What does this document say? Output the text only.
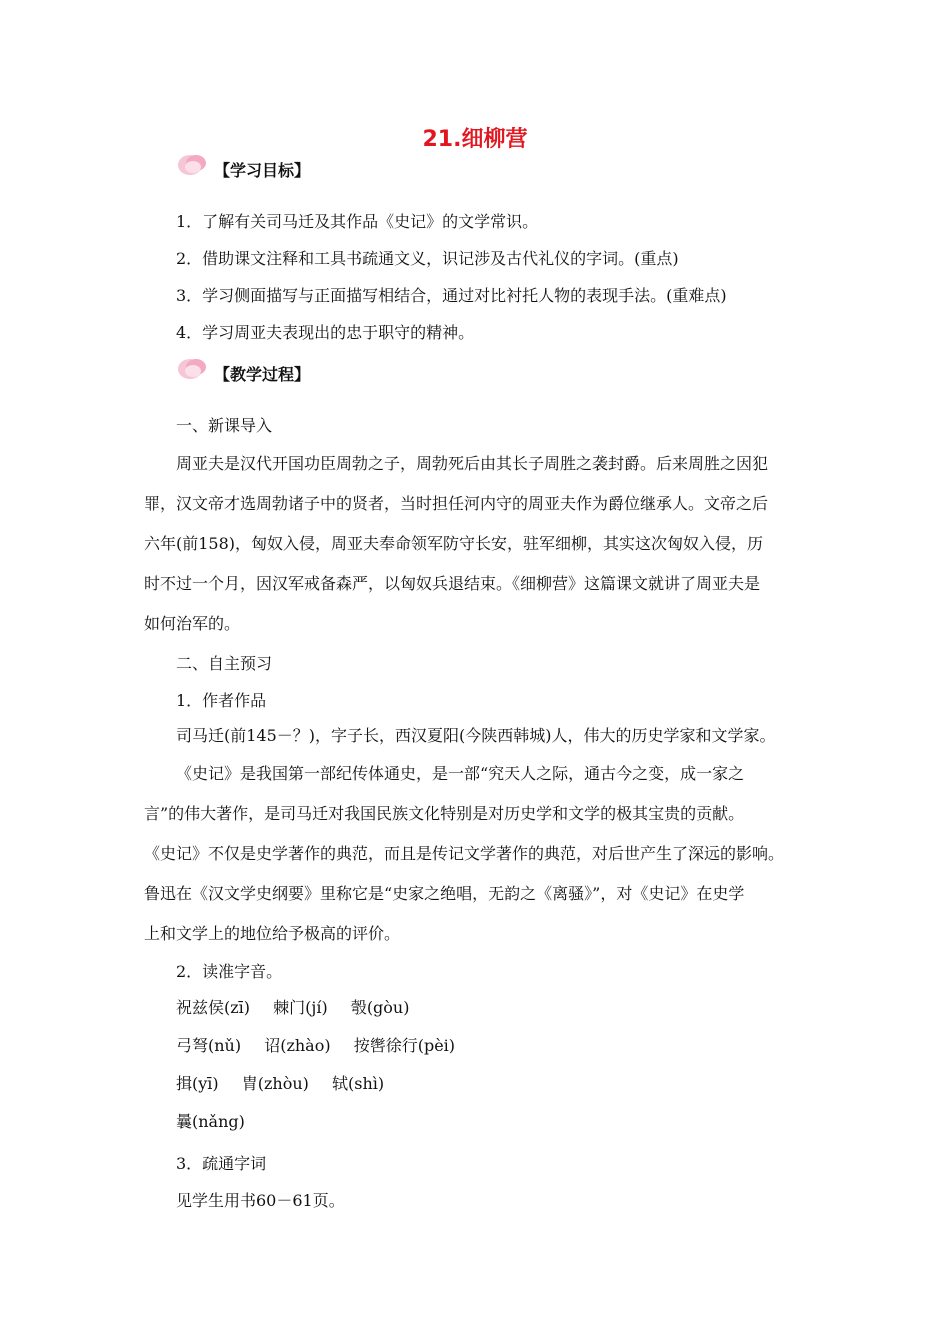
21.细柳营
【学习目标】
1．了解有关司马迁及其作品《史记》的文学常识。
2．借助课文注释和工具书疏通文义，识记涉及古代礼仪的字词。(重点)
3．学习侧面描写与正面描写相结合，通过对比衬托人物的表现手法。(重难点)
4．学习周亚夫表现出的忠于职守的精神。
【教学过程】
一、新课导入
周亚夫是汉代开国功臣周勃之子，周勃死后由其长子周胜之袭封爵。后来周胜之因犯
罪，汉文帝才选周勃诸子中的贤者，当时担任河内守的周亚夫作为爵位继承人。文帝之后
六年(前158)，匈奴入侵，周亚夫奉命领军防守长安，驻军细柳，其实这次匈奴入侵，历
时不过一个月，因汉军戒备森严，以匈奴兵退结束。《细柳营》这篇课文就讲了周亚夫是
如何治军的。
二、自主预习
1．作者作品
司马迁(前145－？)，字子长，西汉夏阳(今陕西韩城)人，伟大的历史学家和文学家。
《史记》是我国第一部纪传体通史，是一部“究天人之际，通古今之变，成一家之
言”的伟大著作，是司马迁对我国民族文化特别是对历史学和文学的极其宝贵的贡献。
《史记》不仅是史学著作的典范，而且是传记文学著作的典范，对后世产生了深远的影响。
鲁迅在《汉文学史纲要》里称它是“史家之绝唱，无韵之《离骚》”，对《史记》在史学
上和文学上的地位给予极高的评价。
2．读准字音。
祝兹侯(zī) 棘门(jí) 彀(gòu)
弓弩(nǔ) 诏(zhào) 按辔徐行(pèi)
揖(yī) 胄(zhòu) 轼(shì)
曩(nǎng)
3．疏通字词
见学生用书60－61页。
